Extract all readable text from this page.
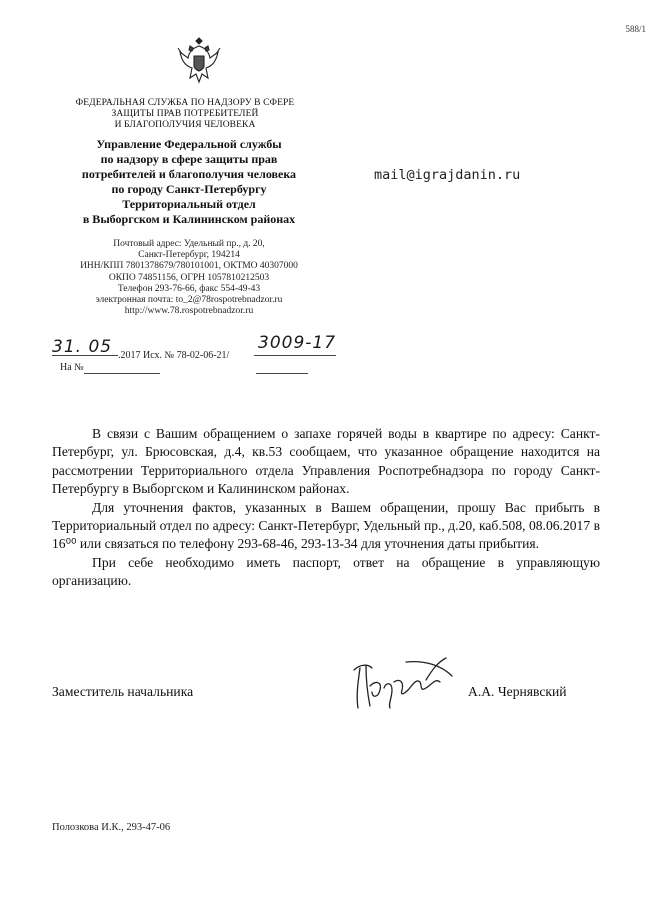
588/1
ФЕДЕРАЛЬНАЯ СЛУЖБА ПО НАДЗОРУ В СФЕРЕ
ЗАЩИТЫ ПРАВ ПОТРЕБИТЕЛЕЙ
И БЛАГОПОЛУЧИЯ ЧЕЛОВЕКА
Управление Федеральной службы
по надзору в сфере защиты прав
потребителей и благополучия человека
по городу Санкт-Петербургу
Территориальный отдел
в Выборгском и Калининском районах
Почтовый адрес: Удельный пр., д. 20,
Санкт-Петербург, 194214
ИНН/КПП 7801378679/780101001, ОКТМО 40307000
ОКПО 74851156, ОГРН 1057810212503
Телефон 293-76-66, факс 554-49-43
электронная почта: to_2@78rospotrebnadzor.ru
http://www.78.rospotrebnadzor.ru
mail@igrajdanin.ru
31. 05 .2017 Исх. № 78-02-06-21/
3009-17
На №

В связи с Вашим обращением о запахе горячей воды в квартире по адресу: Санкт-Петербург, ул. Брюсовская, д.4, кв.53 сообщаем, что указанное обращение находится на рассмотрении Территориального отдела Управления Роспотребнадзора по городу Санкт-Петербургу в Выборгском и Калининском районах.

Для уточнения фактов, указанных в Вашем обращении, прошу Вас прибыть в Территориальный отдел по адресу: Санкт-Петербург, Удельный пр., д.20, каб.508, 08.06.2017 в 16⁰⁰ или связаться по телефону 293-68-46, 293-13-34 для уточнения даты прибытия.

При себе необходимо иметь паспорт, ответ на обращение в управляющую организацию.

Заместитель начальника	А.А. Чернявский
Полозкова И.К., 293-47-06
